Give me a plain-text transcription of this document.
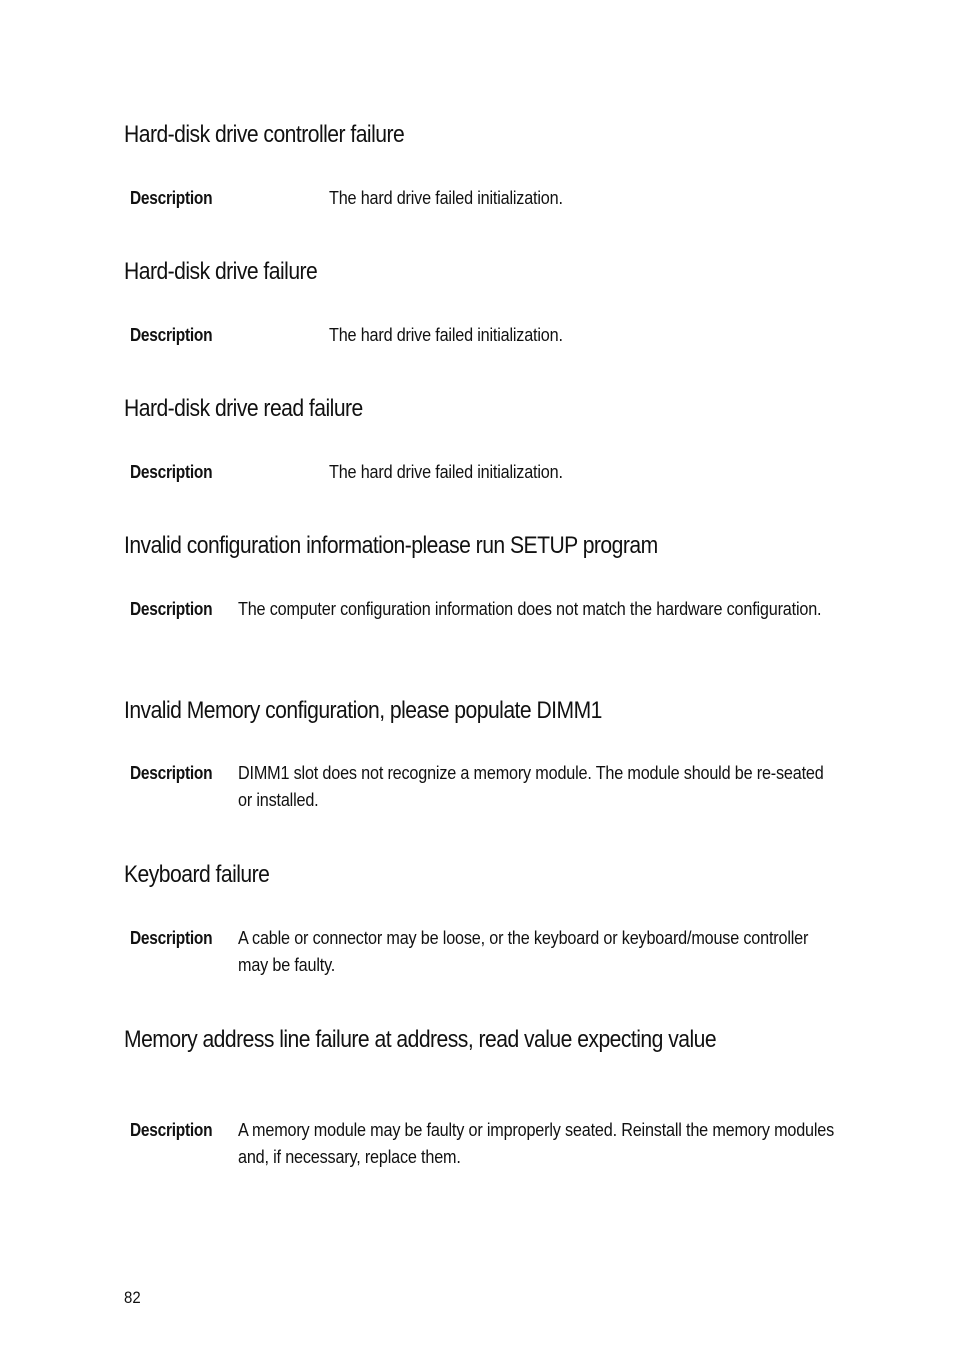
Hard-disk drive controller failure
Description	The hard drive failed initialization.
Hard-disk drive failure
Description	The hard drive failed initialization.
Hard-disk drive read failure
Description	The hard drive failed initialization.
Invalid configuration information-please run SETUP program
Description The computer configuration information does not match the hardware configuration.
Invalid Memory configuration, please populate DIMM1
Description DIMM1 slot does not recognize a memory module. The module should be re-seated or installed.
Keyboard failure
Description A cable or connector may be loose, or the keyboard or keyboard/mouse controller may be faulty.
Memory address line failure at address, read value expecting value
Description A memory module may be faulty or improperly seated. Reinstall the memory modules and, if necessary, replace them.
82
